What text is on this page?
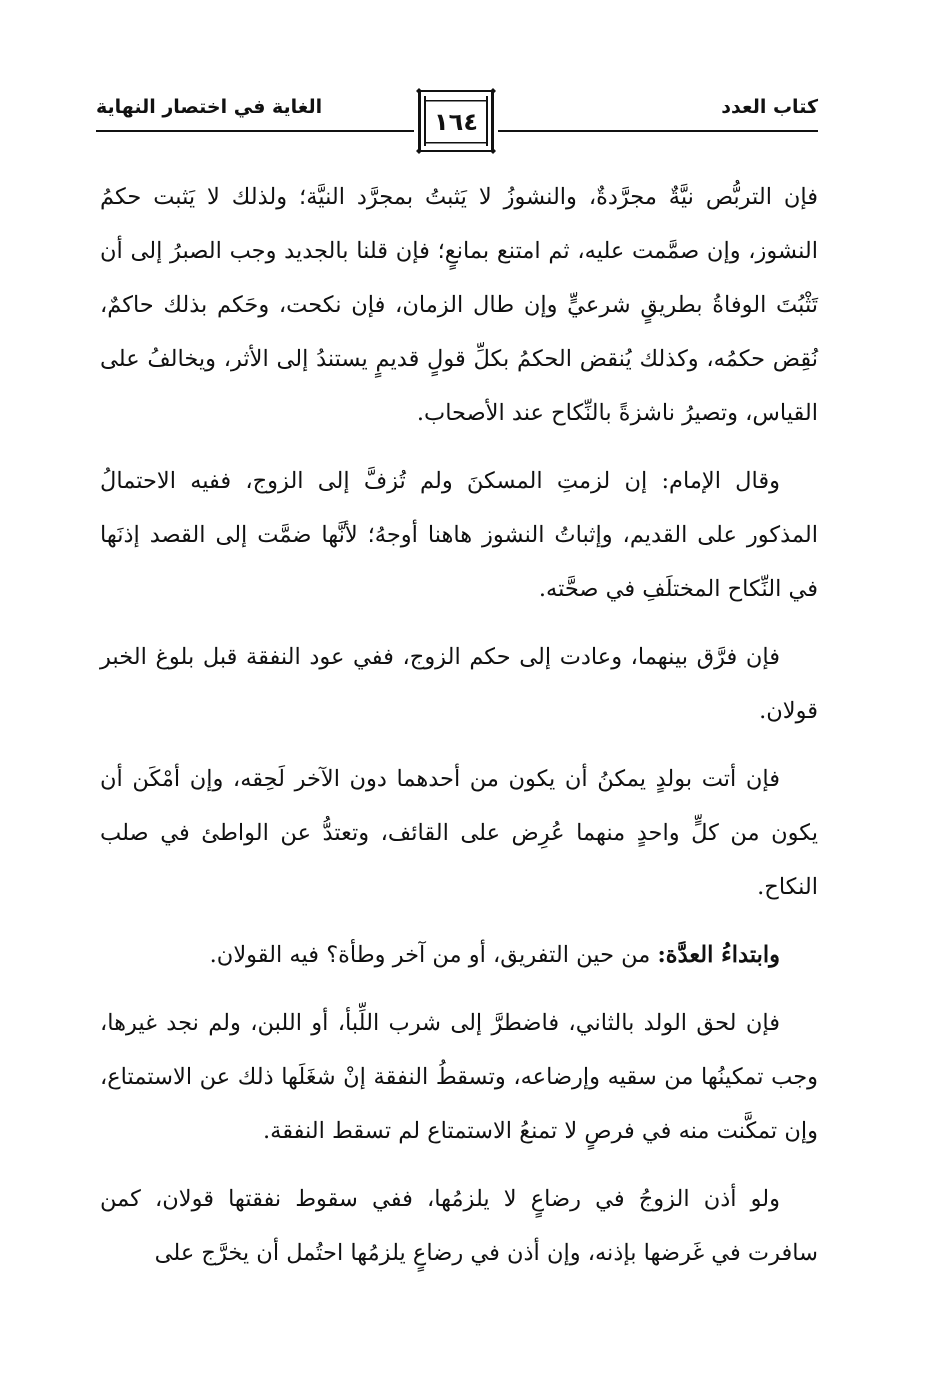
كتاب العدد
الغاية في اختصار النهاية
١٦٤

فإن التربُّص نيَّةٌ مجرَّدةٌ، والنشوزُ لا يَثبتُ بمجرَّد النيَّة؛ ولذلك لا يَثبت حكمُ النشوز، وإن صمَّمت عليه، ثم امتنع بمانعٍ؛ فإن قلنا بالجديد وجب الصبرُ إلى أن تَثْبُتَ الوفاةُ بطريقٍ شرعيٍّ وإن طال الزمان، فإن نكحت، وحَكم بذلك حاكمٌ، نُقِض حكمُه، وكذلك يُنقض الحكمُ بكلِّ قولٍ قديمٍ يستندُ إلى الأثر، ويخالفُ على القياس، وتصيرُ ناشزةً بالنِّكاح عند الأصحاب.

وقال الإمام: إن لزمتِ المسكنَ ولم تُزفَّ إلى الزوج، ففيه الاحتمالُ المذكور على القديم، وإثباتُ النشوز هاهنا أوجهُ؛ لأنَّها ضمَّت إلى القصد إذنَها في النِّكاح المختلَفِ في صحَّته.

فإن فرَّق بينهما، وعادت إلى حكم الزوج، ففي عود النفقة قبل بلوغ الخبر قولان.

فإن أتت بولدٍ يمكنُ أن يكون من أحدهما دون الآخر لَحِقه، وإن أمْكَن أن يكون من كلٍّ واحدٍ منهما عُرِض على القائف، وتعتدُّ عن الواطئ في صلب النكاح.

وابتداءُ العدَّة: من حين التفريق، أو من آخر وطأة؟ فيه القولان.

فإن لحق الولد بالثاني، فاضطرَّ إلى شرب اللِّبأ، أو اللبن، ولم نجد غيرها، وجب تمكينُها من سقيه وإرضاعه، وتسقطُ النفقة إنْ شغَلَها ذلك عن الاستمتاع، وإن تمكَّنت منه في فرصٍ لا تمنعُ الاستمتاع لم تسقط النفقة.

ولو أذن الزوجُ في رضاعٍ لا يلزمُها، ففي سقوط نفقتها قولان، كمن سافرت في غَرضها بإذنه، وإن أذن في رضاعٍ يلزمُها احتُمل أن يخرَّج على
